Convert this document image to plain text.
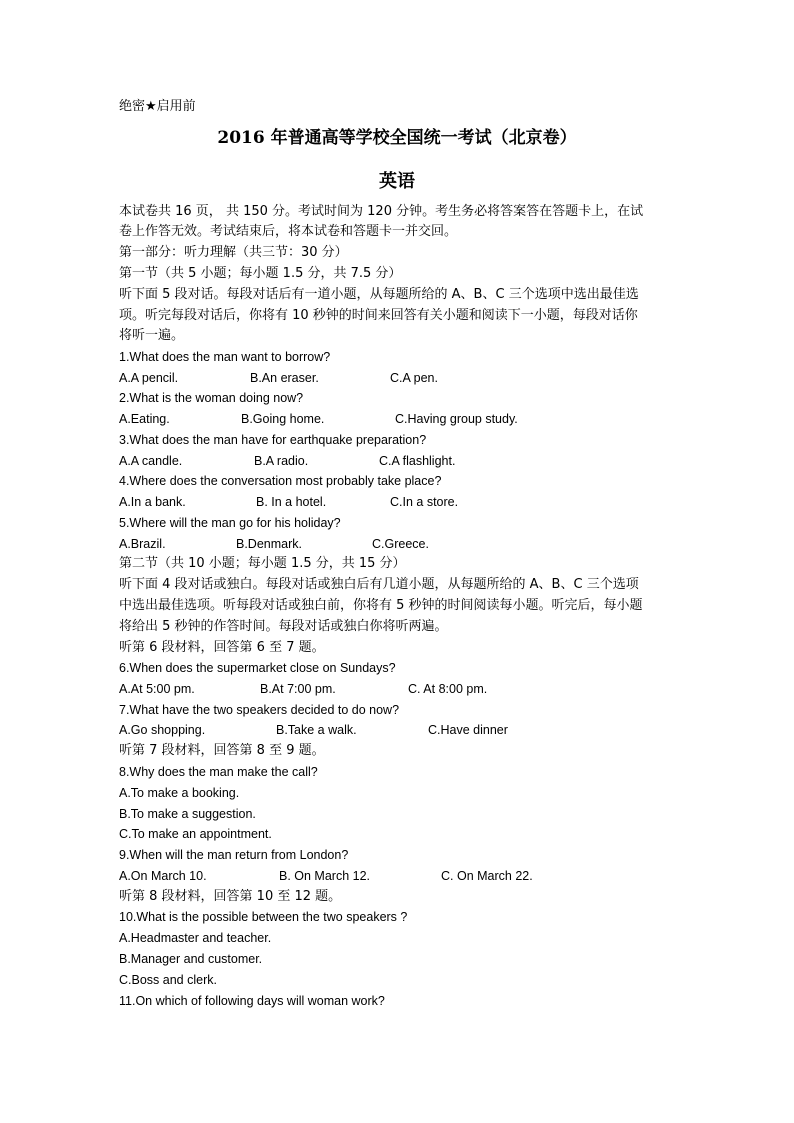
绝密★启用前
2016 年普通高等学校全国统一考试（北京卷）
英语
本试卷共 16 页， 共 150 分。考试时间为 120 分钟。考生务必将答案答在答题卡上，在试
卷上作答无效。考试结束后，将本试卷和答题卡一并交回。
第一部分：听力理解（共三节：30 分）
第一节（共 5 小题；每小题 1.5 分，共 7.5 分）
听下面 5 段对话。每段对话后有一道小题，从每题所给的 A、B、C 三个选项中选出最佳选
项。听完每段对话后，你将有 10 秒钟的时间来回答有关小题和阅读下一小题，每段对话你
将听一遍。
1.What does the man want to borrow?
A.A pencil.	B.An eraser.	C.A pen.
2.What is the woman doing now?
A.Eating.	B.Going home.	C.Having group study.
3.What does the man have for earthquake preparation?
A.A candle.	B.A radio.	C.A flashlight.
4.Where does the conversation most probably take place?
A.In a bank.	B. In a hotel.	C.In a store.
5.Where will the man go for his holiday?
A.Brazil.	B.Denmark.	C.Greece.
第二节（共 10 小题；每小题 1.5 分，共 15 分）
听下面 4 段对话或独白。每段对话或独白后有几道小题，从每题所给的 A、B、C 三个选项
中选出最佳选项。听每段对话或独白前，你将有 5 秒钟的时间阅读每小题。听完后，每小题
将给出 5 秒钟的作答时间。每段对话或独白你将听两遍。
听第 6 段材料，回答第 6 至 7 题。
6.When does the supermarket close on Sundays?
A.At 5:00 pm.	B.At 7:00 pm.	C. At 8:00 pm.
7.What have the two speakers decided to do now?
A.Go shopping.	B.Take a walk.	C.Have dinner
听第 7 段材料，回答第 8 至 9 题。
8.Why does the man make the call?
A.To make a booking.
B.To make a suggestion.
C.To make an appointment.
9.When will the man return from London?
A.On March 10.	B. On March 12.	C. On March 22.
听第 8 段材料，回答第 10 至 12 题。
10.What is the possible between the two speakers ?
A.Headmaster and teacher.
B.Manager and customer.
C.Boss and clerk.
11.On which of following days will woman work?
